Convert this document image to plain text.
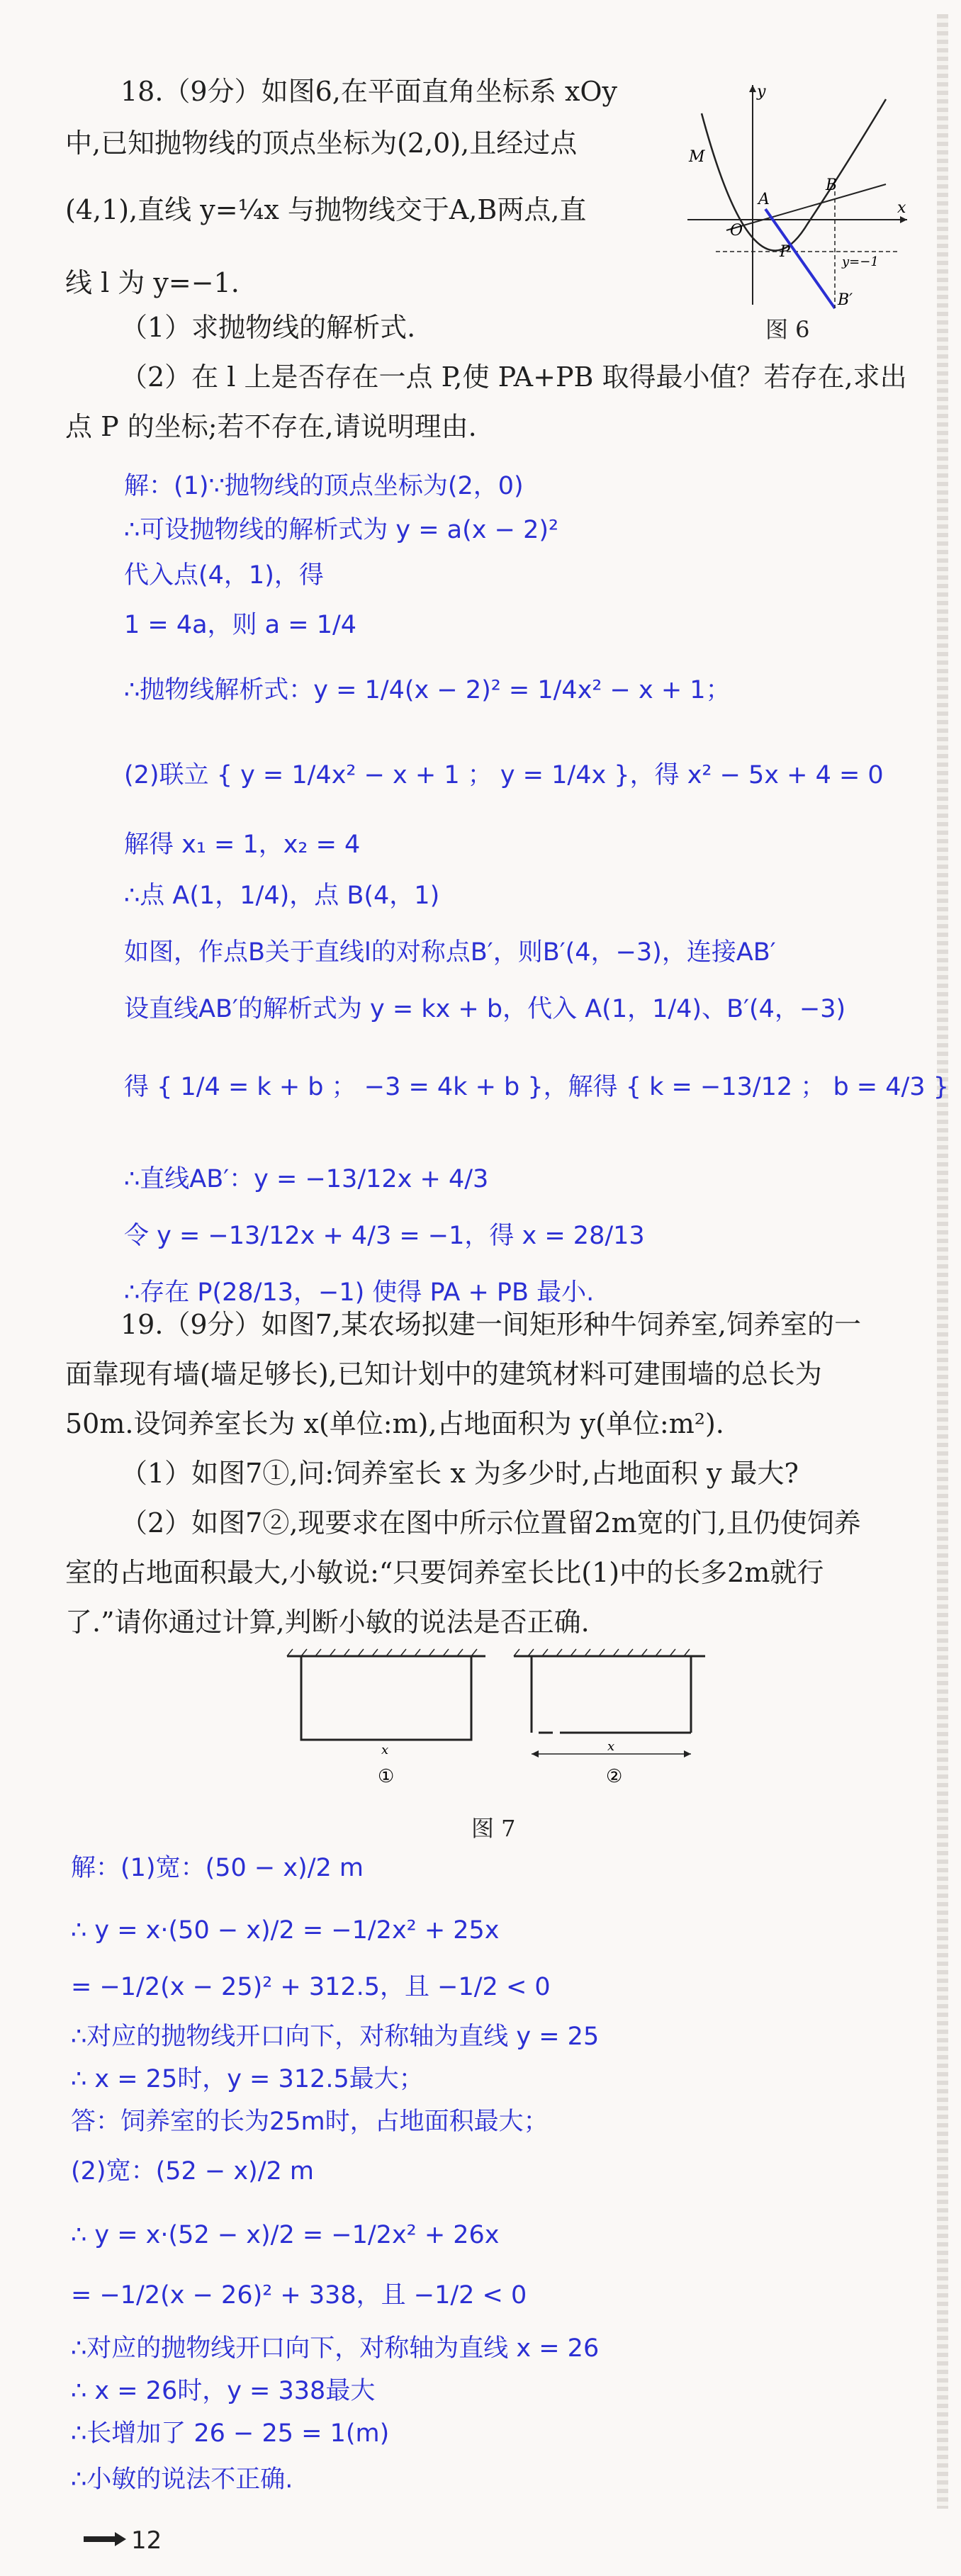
18.（9分）如图6,在平面直角坐标系 xOy
中,已知抛物线的顶点坐标为(2,0),且经过点
(4,1),直线 y=¼x 与抛物线交于A,B两点,直
线 l 为 y=−1.
（1）求抛物线的解析式.
（2）在 l 上是否存在一点 P,使 PA+PB 取得最小值？若存在,求出
点 P 的坐标;若不存在,请说明理由.
y
x
M
A
B
O
P
B′
y=−1
图 6
解：(1)∵抛物线的顶点坐标为(2，0)
∴可设抛物线的解析式为 y = a(x − 2)²
代入点(4，1)，得
1 = 4a，则 a = 1/4
∴抛物线解析式：y = 1/4(x − 2)² = 1/4x² − x + 1；
(2)联立 { y = 1/4x² − x + 1 ； y = 1/4x }，得 x² − 5x + 4 = 0
解得 x₁ = 1，x₂ = 4
∴点 A(1，1/4)，点 B(4，1)
如图，作点B关于直线l的对称点B′，则B′(4，−3)，连接AB′
设直线AB′的解析式为 y = kx + b，代入 A(1，1/4)、B′(4，−3)
得 { 1/4 = k + b ； −3 = 4k + b }，解得 { k = −13/12 ； b = 4/3 }
∴直线AB′：y = −13/12x + 4/3
令 y = −13/12x + 4/3 = −1，得 x = 28/13
∴存在 P(28/13，−1) 使得 PA + PB 最小.
19.（9分）如图7,某农场拟建一间矩形种牛饲养室,饲养室的一
面靠现有墙(墙足够长),已知计划中的建筑材料可建围墙的总长为
50m.设饲养室长为 x(单位:m),占地面积为 y(单位:m²).
（1）如图7①,问:饲养室长 x 为多少时,占地面积 y 最大?
（2）如图7②,现要求在图中所示位置留2m宽的门,且仍使饲养
室的占地面积最大,小敏说:“只要饲养室长比(1)中的长多2m就行
了.”请你通过计算,判断小敏的说法是否正确.
x
①
x
②
图 7
解：(1)宽：(50 − x)/2 m
∴ y = x·(50 − x)/2 = −1/2x² + 25x
= −1/2(x − 25)² + 312.5，且 −1/2 < 0
∴对应的抛物线开口向下，对称轴为直线 y = 25
∴ x = 25时，y = 312.5最大；
答：饲养室的长为25m时，占地面积最大；
(2)宽：(52 − x)/2 m
∴ y = x·(52 − x)/2 = −1/2x² + 26x
= −1/2(x − 26)² + 338，且 −1/2 < 0
∴对应的抛物线开口向下，对称轴为直线 x = 26
∴ x = 26时，y = 338最大
∴长增加了 26 − 25 = 1(m)
∴小敏的说法不正确.
12
